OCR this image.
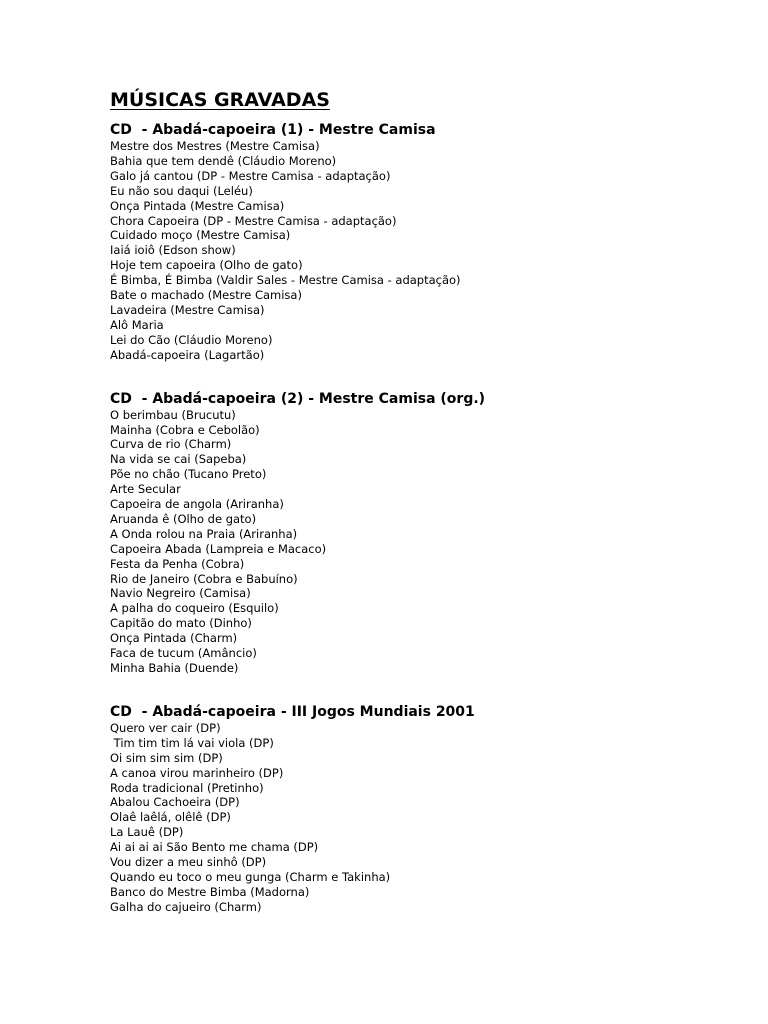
MÚSICAS GRAVADAS
CD  - Abadá-capoeira (1) - Mestre Camisa
Mestre dos Mestres (Mestre Camisa)
Bahia que tem dendê (Cláudio Moreno)
Galo já cantou (DP - Mestre Camisa - adaptação)
Eu não sou daqui (Leléu)
Onça Pintada (Mestre Camisa)
Chora Capoeira (DP - Mestre Camisa - adaptação)
Cuidado moço (Mestre Camisa)
Iaiá ioiô (Edson show)
Hoje tem capoeira (Olho de gato)
É Bimba, É Bimba (Valdir Sales - Mestre Camisa - adaptação)
Bate o machado (Mestre Camisa)
Lavadeira (Mestre Camisa)
Alô Maria
Lei do Cão (Cláudio Moreno)
Abadá-capoeira (Lagartão)
CD  - Abadá-capoeira (2) - Mestre Camisa (org.)
O berimbau (Brucutu)
Mainha (Cobra e Cebolão)
Curva de rio (Charm)
Na vida se cai (Sapeba)
Põe no chão (Tucano Preto)
Arte Secular
Capoeira de angola (Ariranha)
Aruanda ê (Olho de gato)
A Onda rolou na Praia (Ariranha)
Capoeira Abada (Lampreia e Macaco)
Festa da Penha (Cobra)
Rio de Janeiro (Cobra e Babuíno)
Navio Negreiro (Camisa)
A palha do coqueiro (Esquilo)
Capitão do mato (Dinho)
Onça Pintada (Charm)
Faca de tucum (Amâncio)
Minha Bahia (Duende)
CD  - Abadá-capoeira - III Jogos Mundiais 2001
Quero ver cair (DP)
Tim tim tim lá vai viola (DP)
Oi sim sim sim (DP)
A canoa virou marinheiro (DP)
Roda tradicional (Pretinho)
Abalou Cachoeira (DP)
Olaê laêlá, olêlê (DP)
La Lauê (DP)
Ai ai ai ai São Bento me chama (DP)
Vou dizer a meu sinhô (DP)
Quando eu toco o meu gunga (Charm e Takinha)
Banco do Mestre Bimba (Madorna)
Galha do cajueiro (Charm)
